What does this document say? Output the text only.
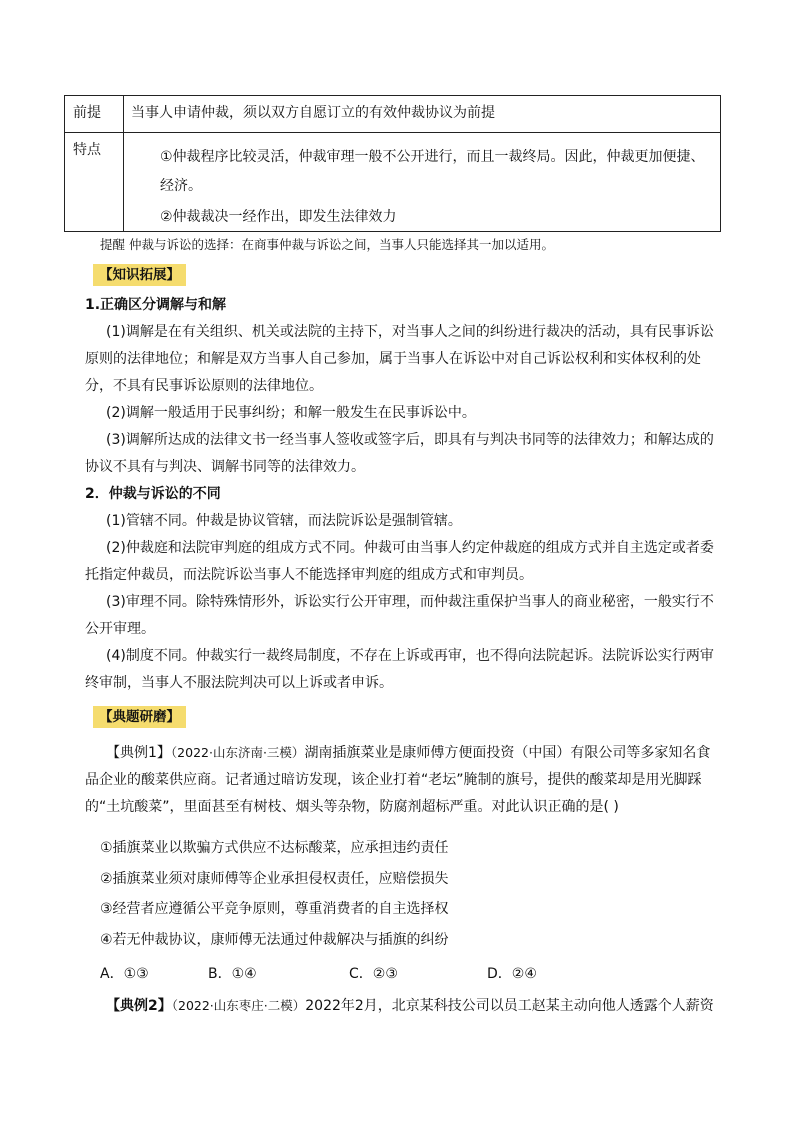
前提	当事人申请仲裁，须以双方自愿订立的有效仲裁协议为前提
特点	①仲裁程序比较灵活，仲裁审理一般不公开进行，而且一裁终局。因此，仲裁更加便捷、经济。
②仲裁裁决一经作出，即发生法律效力
提醒 仲裁与诉讼的选择：在商事仲裁与诉讼之间，当事人只能选择其一加以适用。
【知识拓展】
1.正确区分调解与和解
(1)调解是在有关组织、机关或法院的主持下，对当事人之间的纠纷进行裁决的活动，具有民事诉讼原则的法律地位；和解是双方当事人自己参加，属于当事人在诉讼中对自己诉讼权利和实体权利的处分，不具有民事诉讼原则的法律地位。
(2)调解一般适用于民事纠纷；和解一般发生在民事诉讼中。
(3)调解所达成的法律文书一经当事人签收或签字后，即具有与判决书同等的法律效力；和解达成的协议不具有与判决、调解书同等的法律效力。
2．仲裁与诉讼的不同
(1)管辖不同。仲裁是协议管辖，而法院诉讼是强制管辖。
(2)仲裁庭和法院审判庭的组成方式不同。仲裁可由当事人约定仲裁庭的组成方式并自主选定或者委托指定仲裁员，而法院诉讼当事人不能选择审判庭的组成方式和审判员。
(3)审理不同。除特殊情形外，诉讼实行公开审理，而仲裁注重保护当事人的商业秘密，一般实行不公开审理。
(4)制度不同。仲裁实行一裁终局制度，不存在上诉或再审，也不得向法院起诉。法院诉讼实行两审终审制，当事人不服法院判决可以上诉或者申诉。
【典题研磨】
【典例1】（2022·山东济南·三模）湖南插旗菜业是康师傅方便面投资（中国）有限公司等多家知名食品企业的酸菜供应商。记者通过暗访发现，该企业打着“老坛”腌制的旗号，提供的酸菜却是用光脚踩的“土坑酸菜”，里面甚至有树枝、烟头等杂物，防腐剂超标严重。对此认识正确的是( )
①插旗菜业以欺骗方式供应不达标酸菜，应承担违约责任
②插旗菜业须对康师傅等企业承担侵权责任，应赔偿损失
③经营者应遵循公平竞争原则，尊重消费者的自主选择权
④若无仲裁协议，康师傅无法通过仲裁解决与插旗的纠纷
A．①③	B．①④	C．②③	D．②④
【典例2】（2022·山东枣庄·二模）2022年2月，北京某科技公司以员工赵某主动向他人透露个人薪资
